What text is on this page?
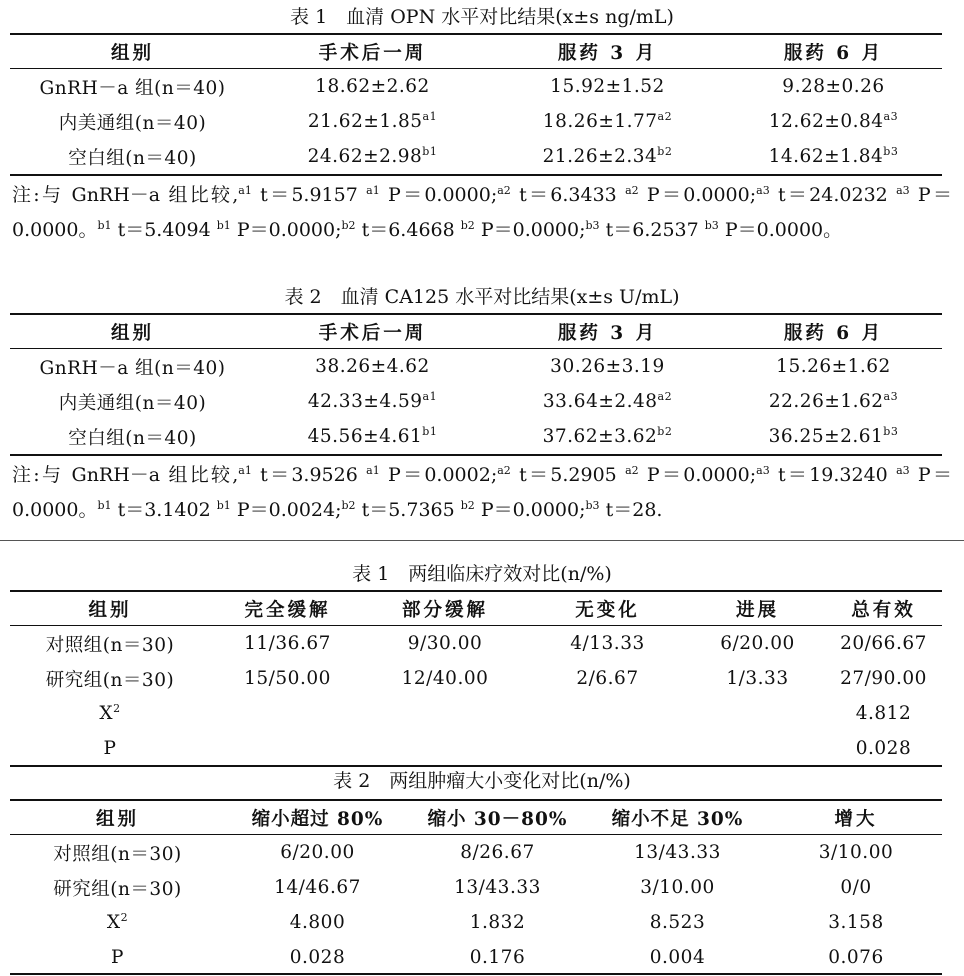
表 1　血清 OPN 水平对比结果(x±s ng/mL)
组别	手术后一周	服药 3 月	服药 6 月
GnRH－a 组(n＝40)	18.62±2.62	15.92±1.52	9.28±0.26
内美通组(n＝40)	$21.62\pm 1.85^{a1}$	$18.26\pm 1.77^{a2}$	$12.62\pm 0.84^{a3}$
空白组(n＝40)	$24.62\pm 2.98^{b1}$	$21.26\pm 2.34^{b2}$	$14.62\pm 1.84^{b3}$
注:与 GnRH－a 组比较,$^{a1}$ t＝5.9157 $^{a1}$ P＝0.0000;$^{a2}$ t＝6.3433 $^{a2}$ P＝0.0000;$^{a3}$ t＝24.0232 $^{a3}$ P＝0.0000。$^{b1}$ t＝5.4094 $^{b1}$ P＝0.0000;$^{b2}$ t＝6.4668 $^{b2}$ P＝0.0000;$^{b3}$ t＝6.2537 $^{b3}$ P＝0.0000。
表 2　血清 CA125 水平对比结果(x±s U/mL)
组别	手术后一周	服药 3 月	服药 6 月
GnRH－a 组(n＝40)	38.26±4.62	30.26±3.19	15.26±1.62
内美通组(n＝40)	$42.33\pm 4.59^{a1}$	$33.64\pm 2.48^{a2}$	$22.26\pm 1.62^{a3}$
空白组(n＝40)	$45.56\pm 4.61^{b1}$	$37.62\pm 3.62^{b2}$	$36.25\pm 2.61^{b3}$
注:与 GnRH－a 组比较,$^{a1}$ t＝3.9526 $^{a1}$ P＝0.0002;$^{a2}$ t＝5.2905 $^{a2}$ P＝0.0000;$^{a3}$ t＝19.3240 $^{a3}$ P＝0.0000。$^{b1}$ t＝3.1402 $^{b1}$ P＝0.0024;$^{b2}$ t＝5.7365 $^{b2}$ P＝0.0000;$^{b3}$ t＝28.
表 1　两组临床疗效对比(n/%)
组别	完全缓解	部分缓解	无变化	进展	总有效
对照组(n＝30)	11/36.67	9/30.00	4/13.33	6/20.00	20/66.67
研究组(n＝30)	15/50.00	12/40.00	2/6.67	1/3.33	27/90.00
$X^2$					4.812
P					0.028
表 2　两组肿瘤大小变化对比(n/%)
组别	缩小超过 80%	缩小 30－80%	缩小不足 30%	增大
对照组(n＝30)	6/20.00	8/26.67	13/43.33	3/10.00
研究组(n＝30)	14/46.67	13/43.33	3/10.00	0/0
$X^2$	4.800	1.832	8.523	3.158
P	0.028	0.176	0.004	0.076
